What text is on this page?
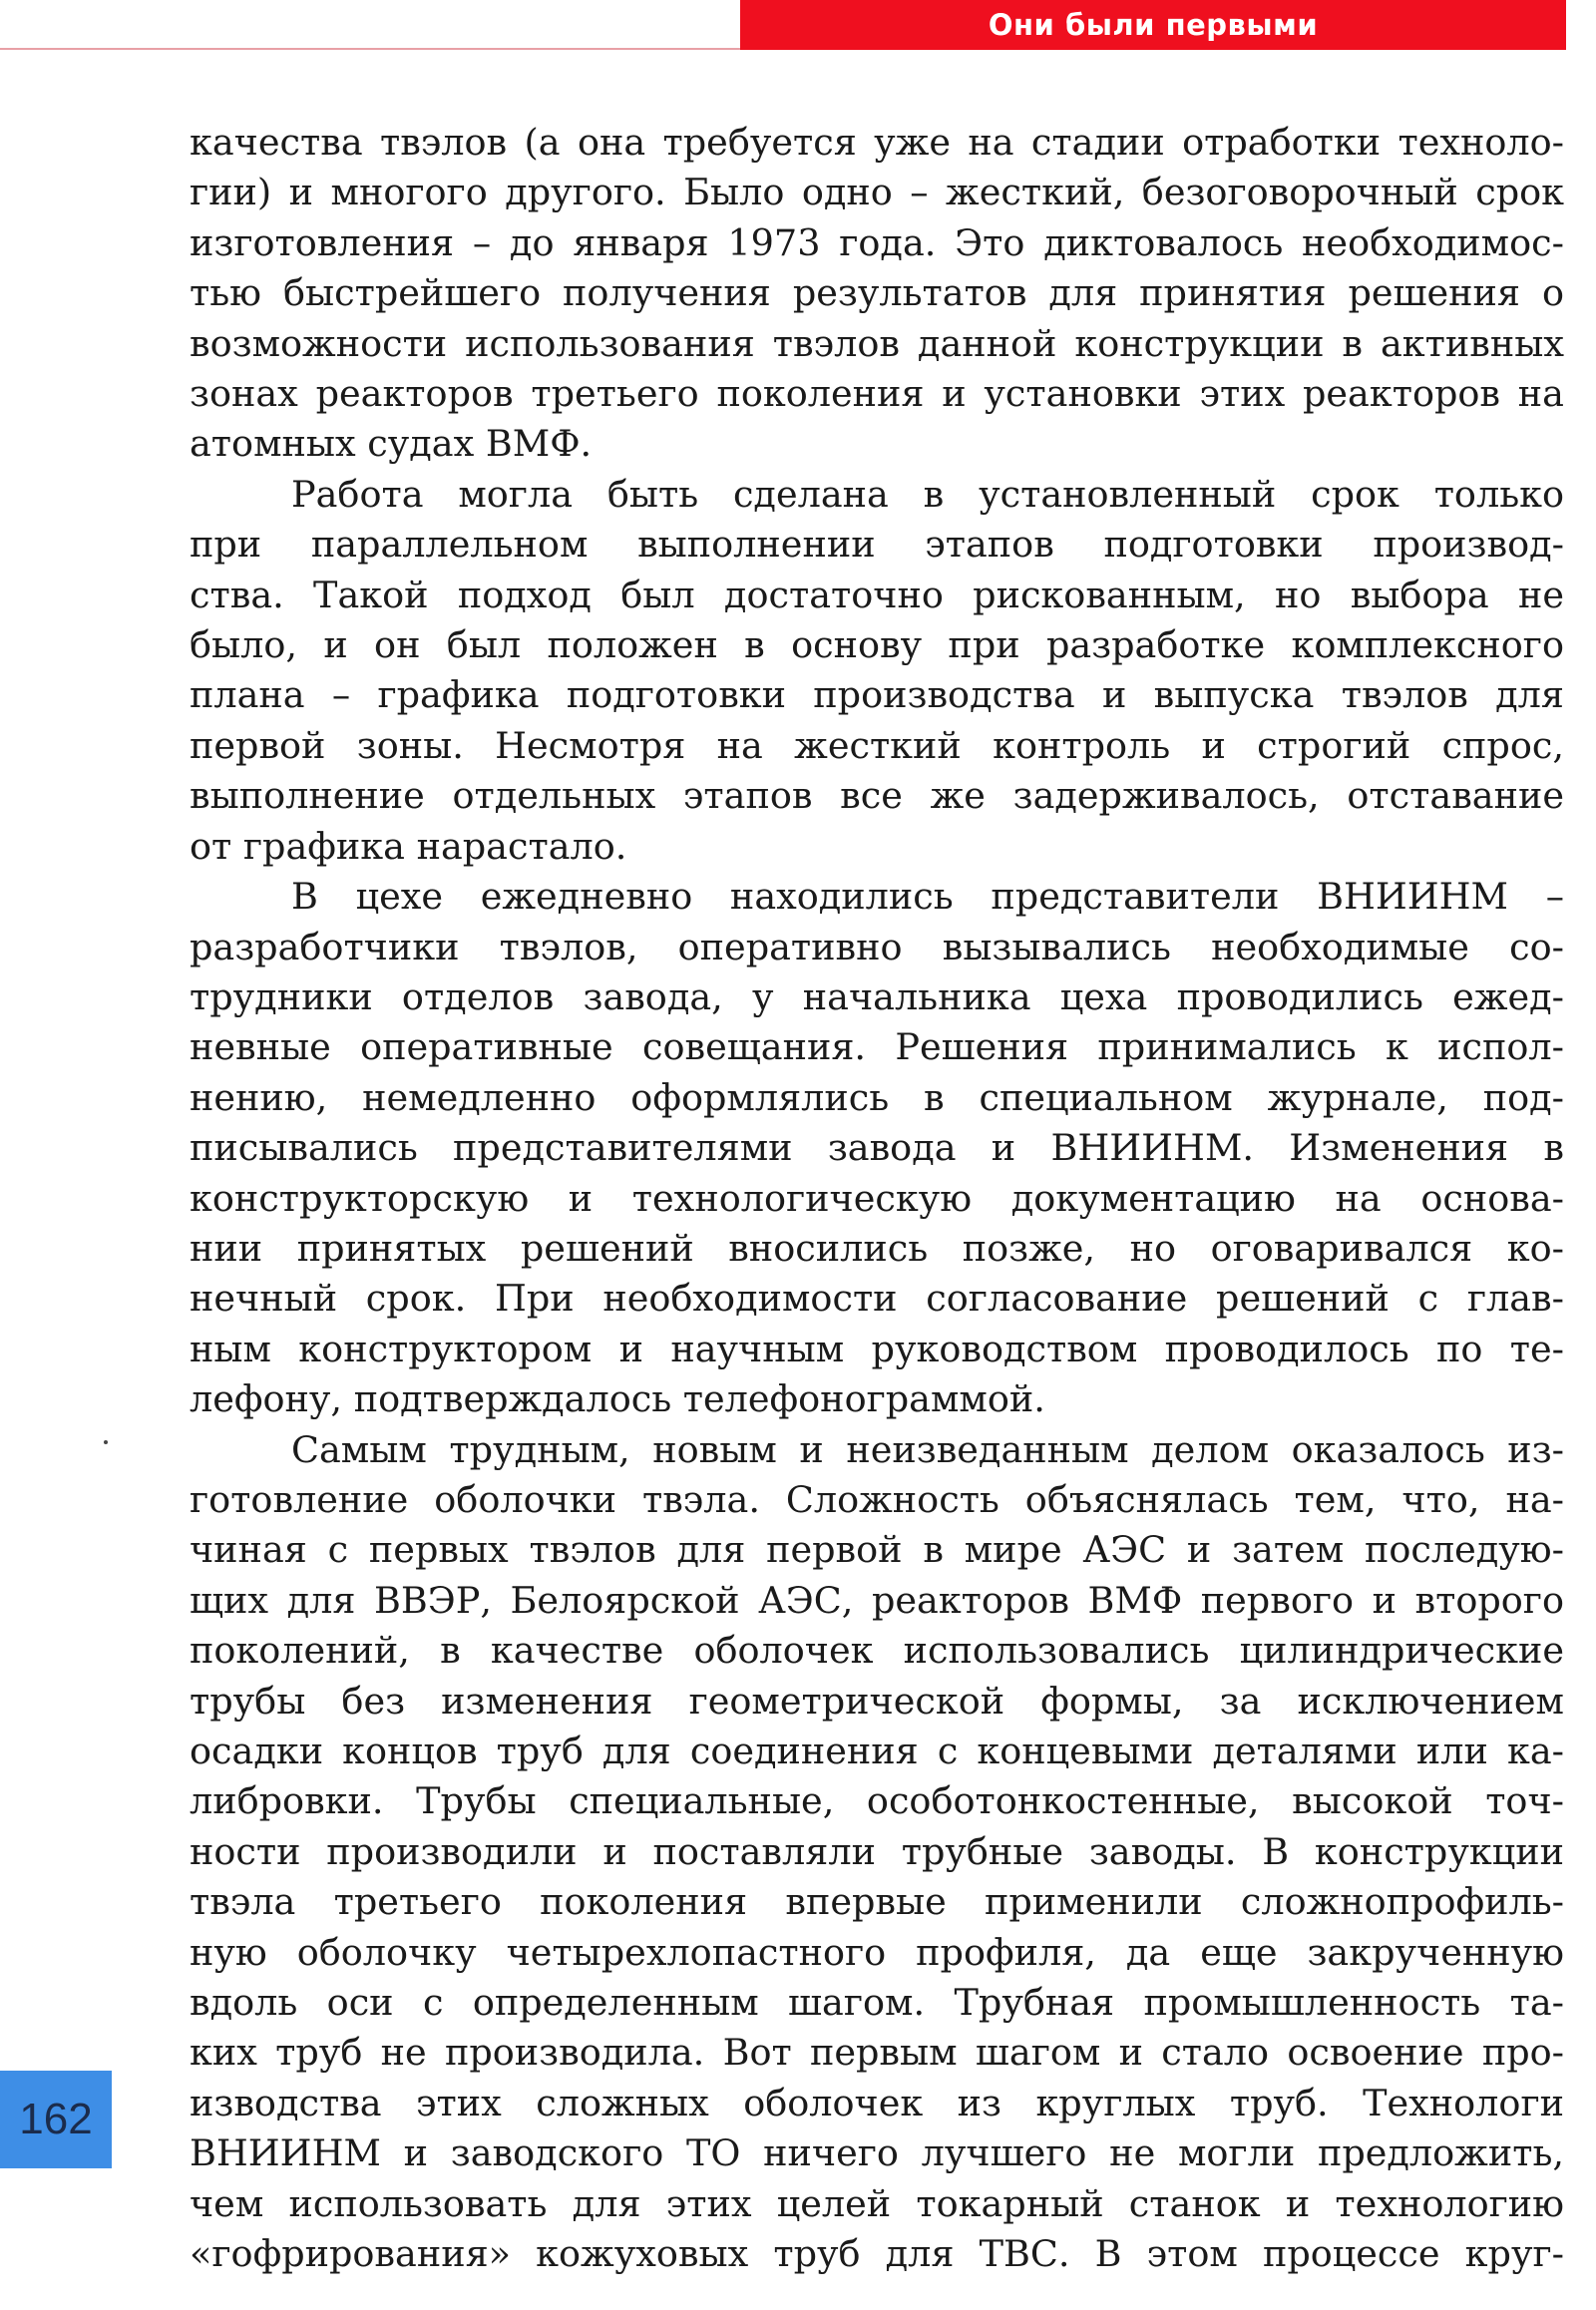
Они были первыми
качества твэлов (а она требуется уже на стадии отработки техноло-
гии) и многого другого. Было одно – жесткий, безоговорочный срок
изготовления – до января 1973 года. Это диктовалось необходимос-
тью быстрейшего получения результатов для принятия решения о
возможности использования твэлов данной конструкции в активных
зонах реакторов третьего поколения и установки этих реакторов на
атомных судах ВМФ.
Работа могла быть сделана в установленный срок только
при параллельном выполнении этапов подготовки производ-
ства. Такой подход был достаточно рискованным, но выбора не
было, и он был положен в основу при разработке комплексного
плана – графика подготовки производства и выпуска твэлов для
первой зоны. Несмотря на жесткий контроль и строгий спрос,
выполнение отдельных этапов все же задерживалось, отставание
от графика нарастало.
В цехе ежедневно находились представители ВНИИНМ –
разработчики твэлов, оперативно вызывались необходимые со-
трудники отделов завода, у начальника цеха проводились ежед-
невные оперативные совещания. Решения принимались к испол-
нению, немедленно оформлялись в специальном журнале, под-
писывались представителями завода и ВНИИНМ. Изменения в
конструкторскую и технологическую документацию на основа-
нии принятых решений вносились позже, но оговаривался ко-
нечный срок. При необходимости согласование решений с глав-
ным конструктором и научным руководством проводилось по те-
лефону, подтверждалось телефонограммой.
Самым трудным, новым и неизведанным делом оказалось из-
готовление оболочки твэла. Сложность объяснялась тем, что, на-
чиная с первых твэлов для первой в мире АЭС и затем последую-
щих для ВВЭР, Белоярской АЭС, реакторов ВМФ первого и второго
поколений, в качестве оболочек использовались цилиндрические
трубы без изменения геометрической формы, за исключением
осадки концов труб для соединения с концевыми деталями или ка-
либровки. Трубы специальные, особотонкостенные, высокой точ-
ности производили и поставляли трубные заводы. В конструкции
твэла третьего поколения впервые применили сложнопрофиль-
ную оболочку четырехлопастного профиля, да еще закрученную
вдоль оси с определенным шагом. Трубная промышленность та-
ких труб не производила. Вот первым шагом и стало освоение про-
изводства этих сложных оболочек из круглых труб. Технологи
ВНИИНМ и заводского ТО ничего лучшего не могли предложить,
чем использовать для этих целей токарный станок и технологию
«гофрирования» кожуховых труб для ТВС. В этом процессе круг-
162
